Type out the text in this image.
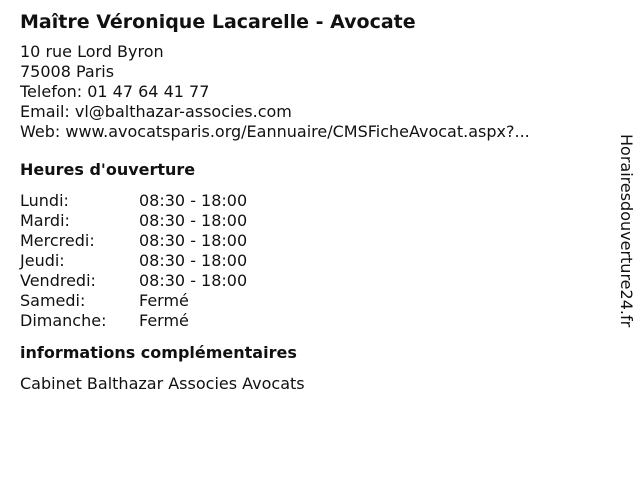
Maître Véronique Lacarelle - Avocate
10 rue Lord Byron
75008 Paris
Telefon: 01 47 64 41 77
Email: vl@balthazar-associes.com
Web: www.avocatsparis.org/Eannuaire/CMSFicheAvocat.aspx?...
Heures d'ouverture
Lundi:	08:30 - 18:00
Mardi:	08:30 - 18:00
Mercredi:	08:30 - 18:00
Jeudi:	08:30 - 18:00
Vendredi:	08:30 - 18:00
Samedi:	Fermé
Dimanche:	Fermé
informations complémentaires
Cabinet Balthazar Associes Avocats
Horairesdouverture24.fr
